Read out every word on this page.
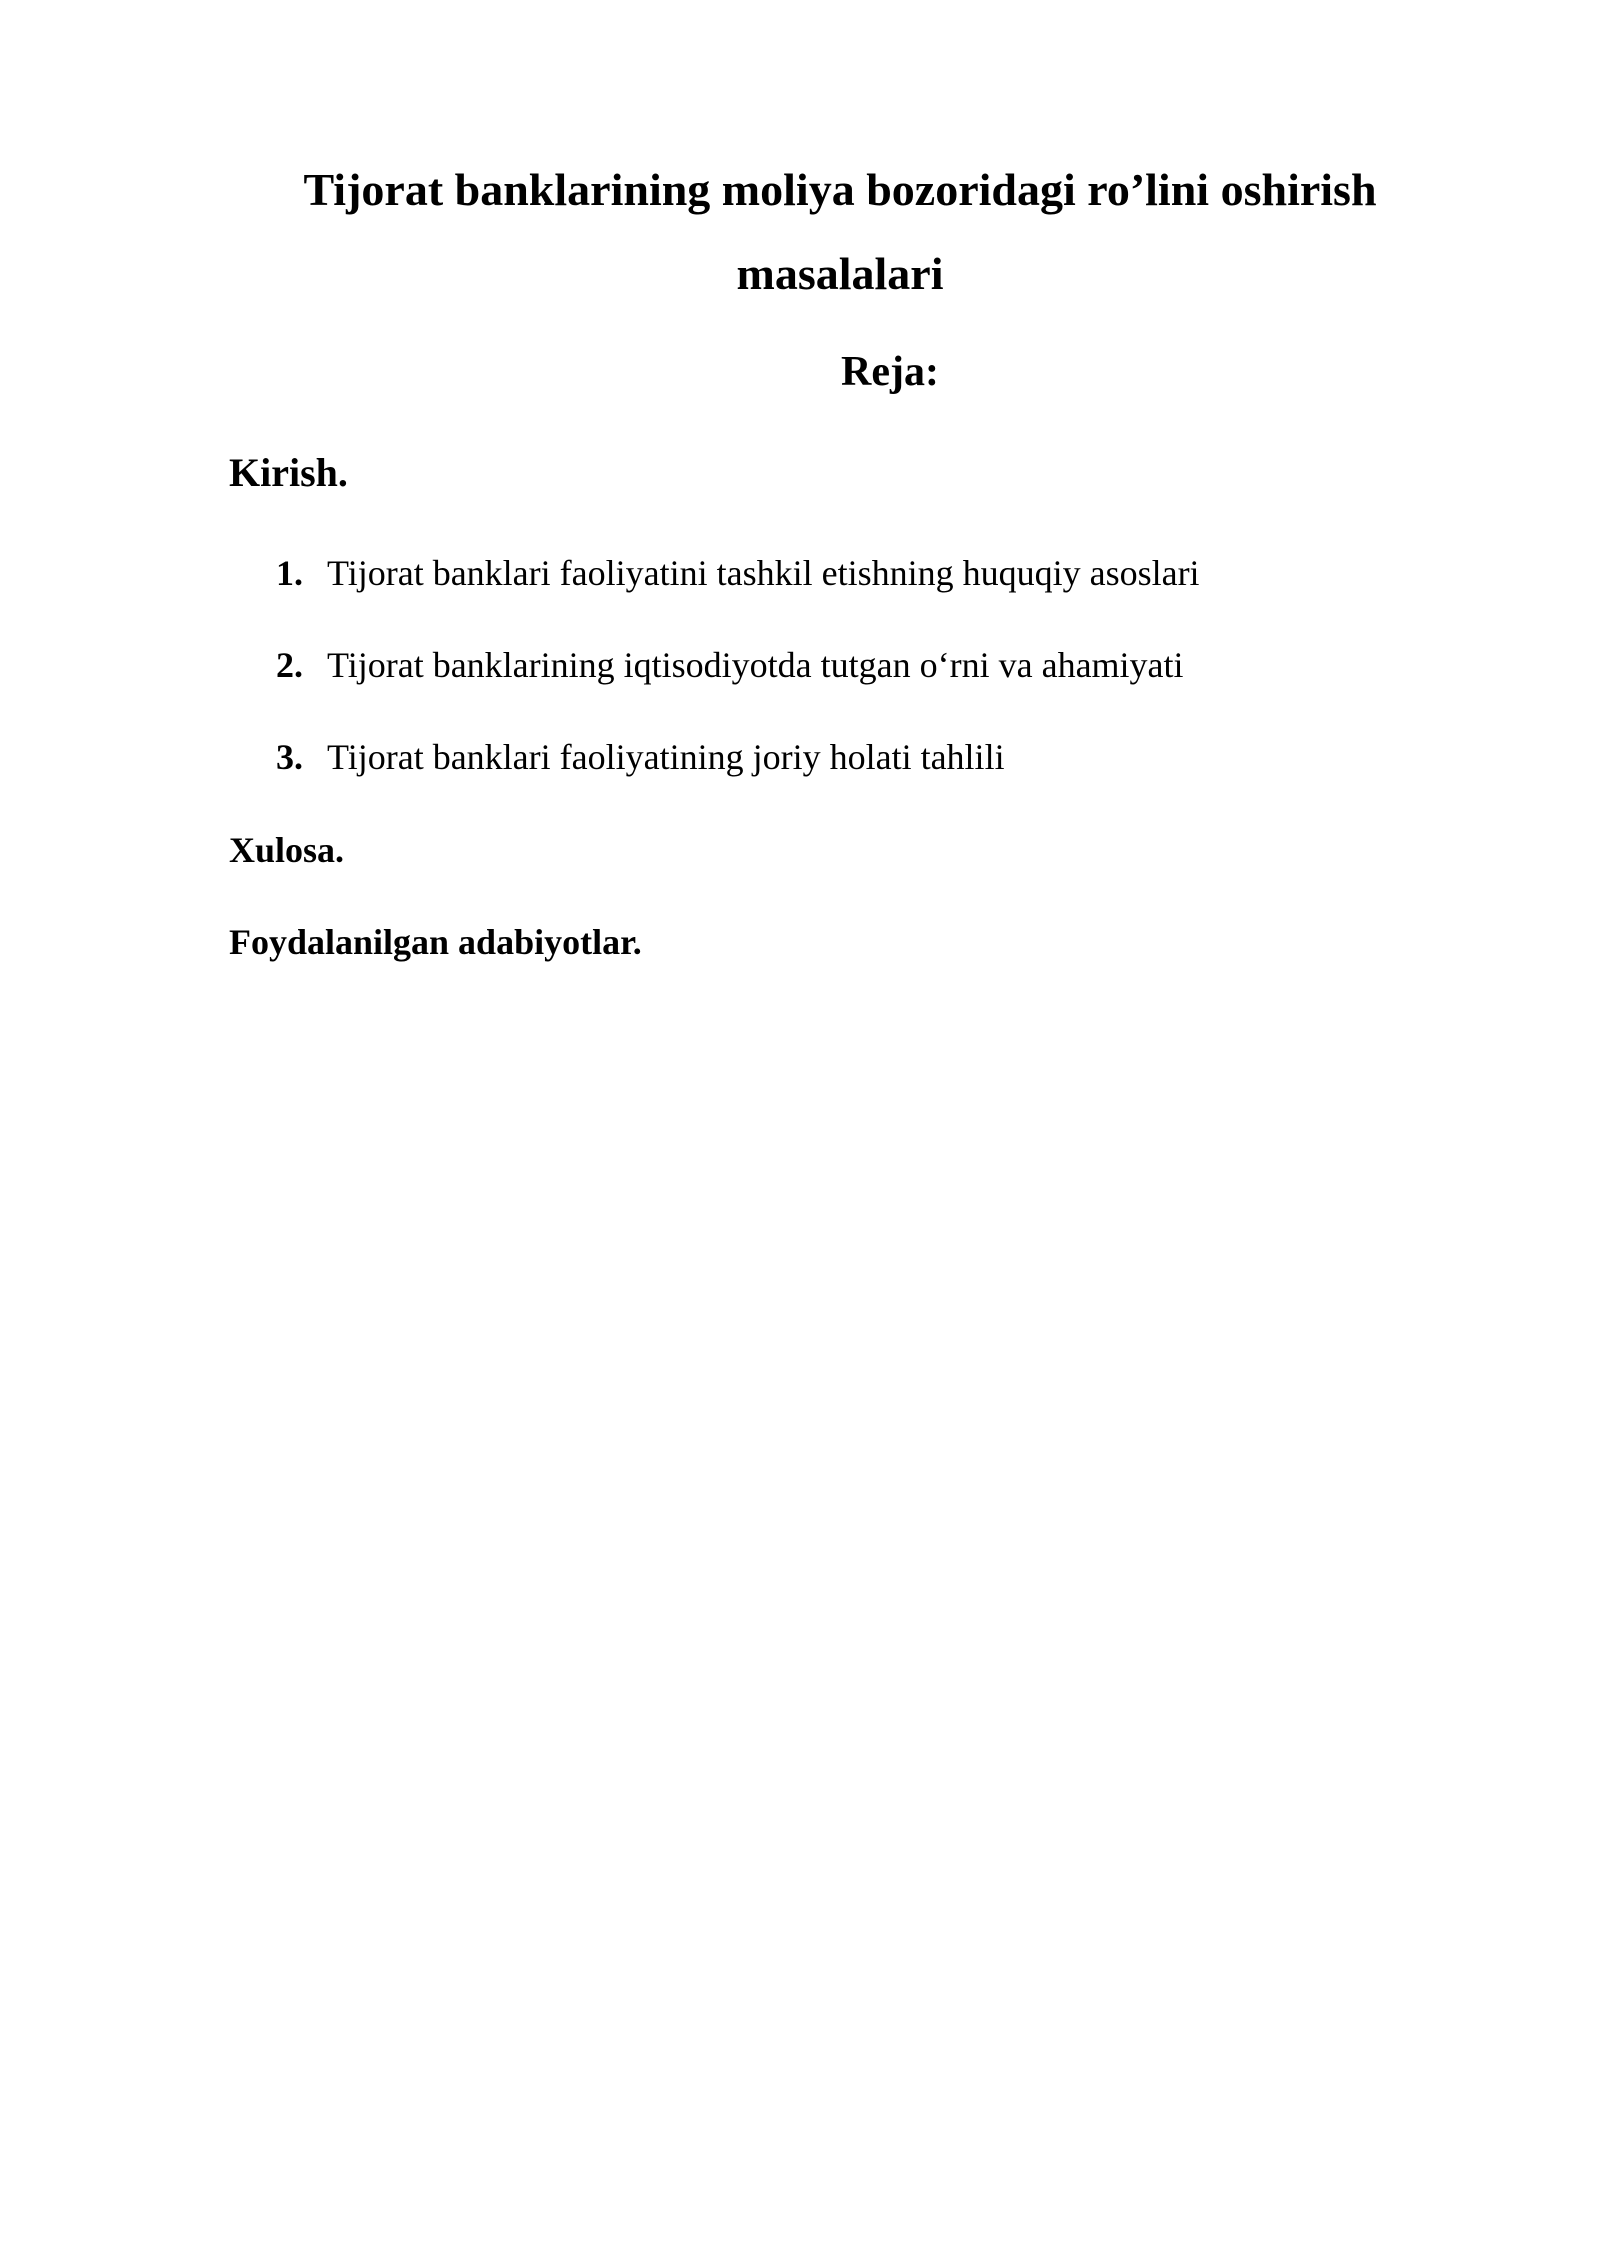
Tijorat banklarining moliya bozoridagi ro’lini oshirish masalalari
Reja:
Kirish.
1. Tijorat banklari faoliyatini tashkil etishning huquqiy asoslari
2. Tijorat banklarining iqtisodiyotda tutgan o‘rni va ahamiyati
3. Tijorat banklari faoliyatining joriy holati tahlili

Xulosa.

Foydalanilgan adabiyotlar.
